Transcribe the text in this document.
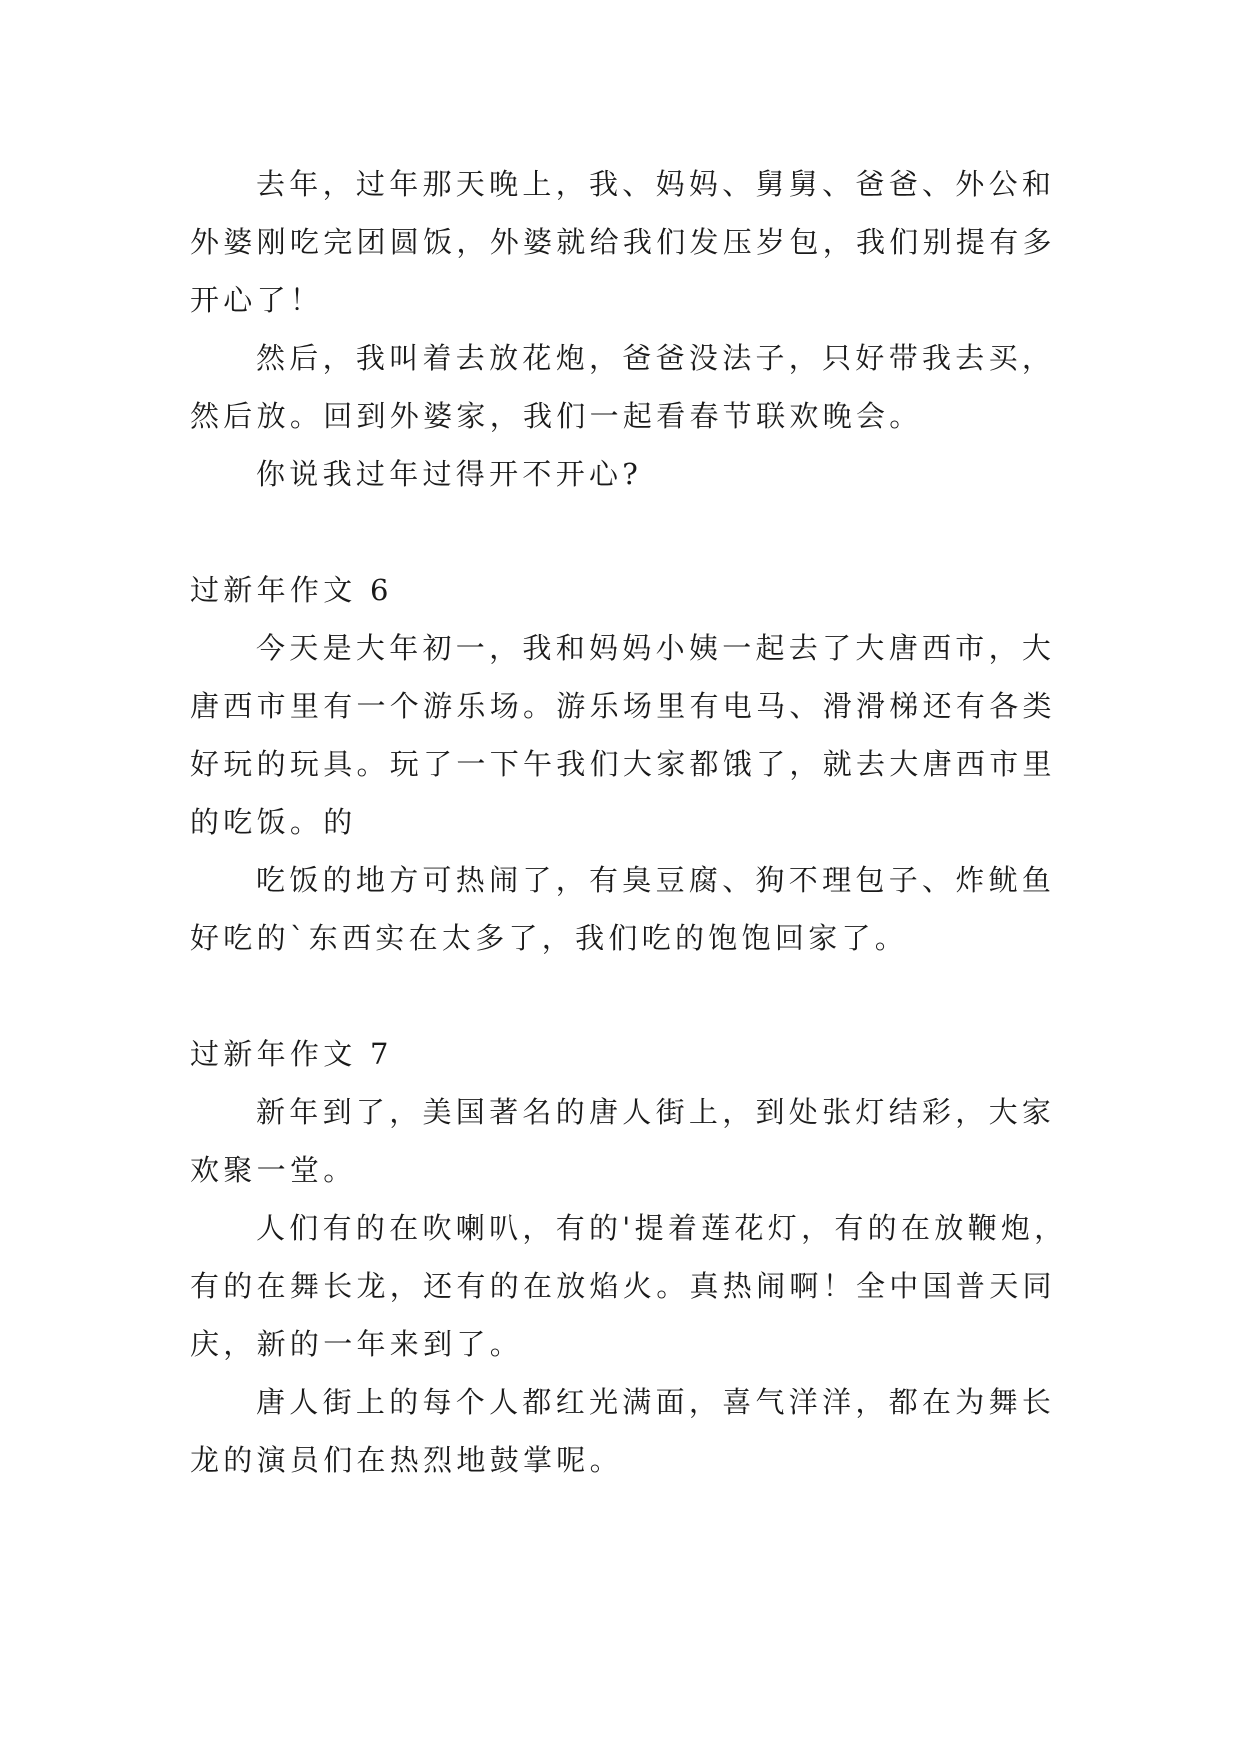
去年，过年那天晚上，我、妈妈、舅舅、爸爸、外公和
外婆刚吃完团圆饭，外婆就给我们发压岁包，我们别提有多
开心了！
然后，我叫着去放花炮，爸爸没法子，只好带我去买，
然后放。回到外婆家，我们一起看春节联欢晚会。
你说我过年过得开不开心?
过新年作文 6
今天是大年初一，我和妈妈小姨一起去了大唐西市，大
唐西市里有一个游乐场。游乐场里有电马、滑滑梯还有各类
好玩的玩具。玩了一下午我们大家都饿了，就去大唐西市里
的吃饭。的
吃饭的地方可热闹了，有臭豆腐、狗不理包子、炸鱿鱼
好吃的`东西实在太多了，我们吃的饱饱回家了。
过新年作文 7
新年到了，美国著名的唐人街上，到处张灯结彩，大家
欢聚一堂。
人们有的在吹喇叭，有的'提着莲花灯，有的在放鞭炮，
有的在舞长龙，还有的在放焰火。真热闹啊！全中国普天同
庆，新的一年来到了。
唐人街上的每个人都红光满面，喜气洋洋，都在为舞长
龙的演员们在热烈地鼓掌呢。
